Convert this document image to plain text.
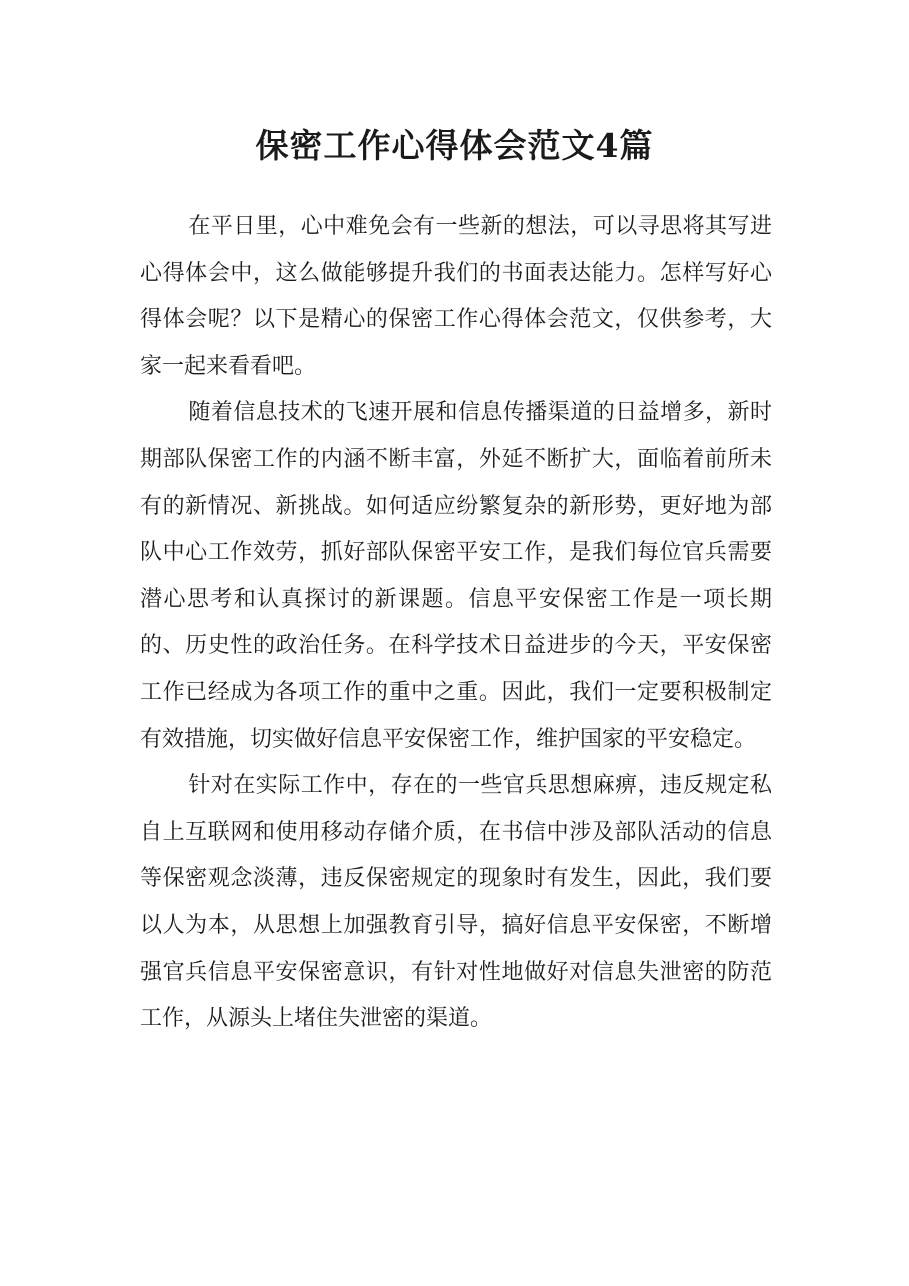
保密工作心得体会范文4篇

在平日里，心中难免会有一些新的想法，可以寻思将其写进心得体会中，这么做能够提升我们的书面表达能力。怎样写好心得体会呢？以下是精心的保密工作心得体会范文，仅供参考，大家一起来看看吧。

随着信息技术的飞速开展和信息传播渠道的日益增多，新时期部队保密工作的内涵不断丰富，外延不断扩大，面临着前所未有的新情况、新挑战。如何适应纷繁复杂的新形势，更好地为部队中心工作效劳，抓好部队保密平安工作，是我们每位官兵需要潜心思考和认真探讨的新课题。信息平安保密工作是一项长期的、历史性的政治任务。在科学技术日益进步的今天，平安保密工作已经成为各项工作的重中之重。因此，我们一定要积极制定有效措施，切实做好信息平安保密工作，维护国家的平安稳定。

针对在实际工作中，存在的一些官兵思想麻痹，违反规定私自上互联网和使用移动存储介质，在书信中涉及部队活动的信息等保密观念淡薄，违反保密规定的现象时有发生，因此，我们要以人为本，从思想上加强教育引导，搞好信息平安保密，不断增强官兵信息平安保密意识，有针对性地做好对信息失泄密的防范工作，从源头上堵住失泄密的渠道。
